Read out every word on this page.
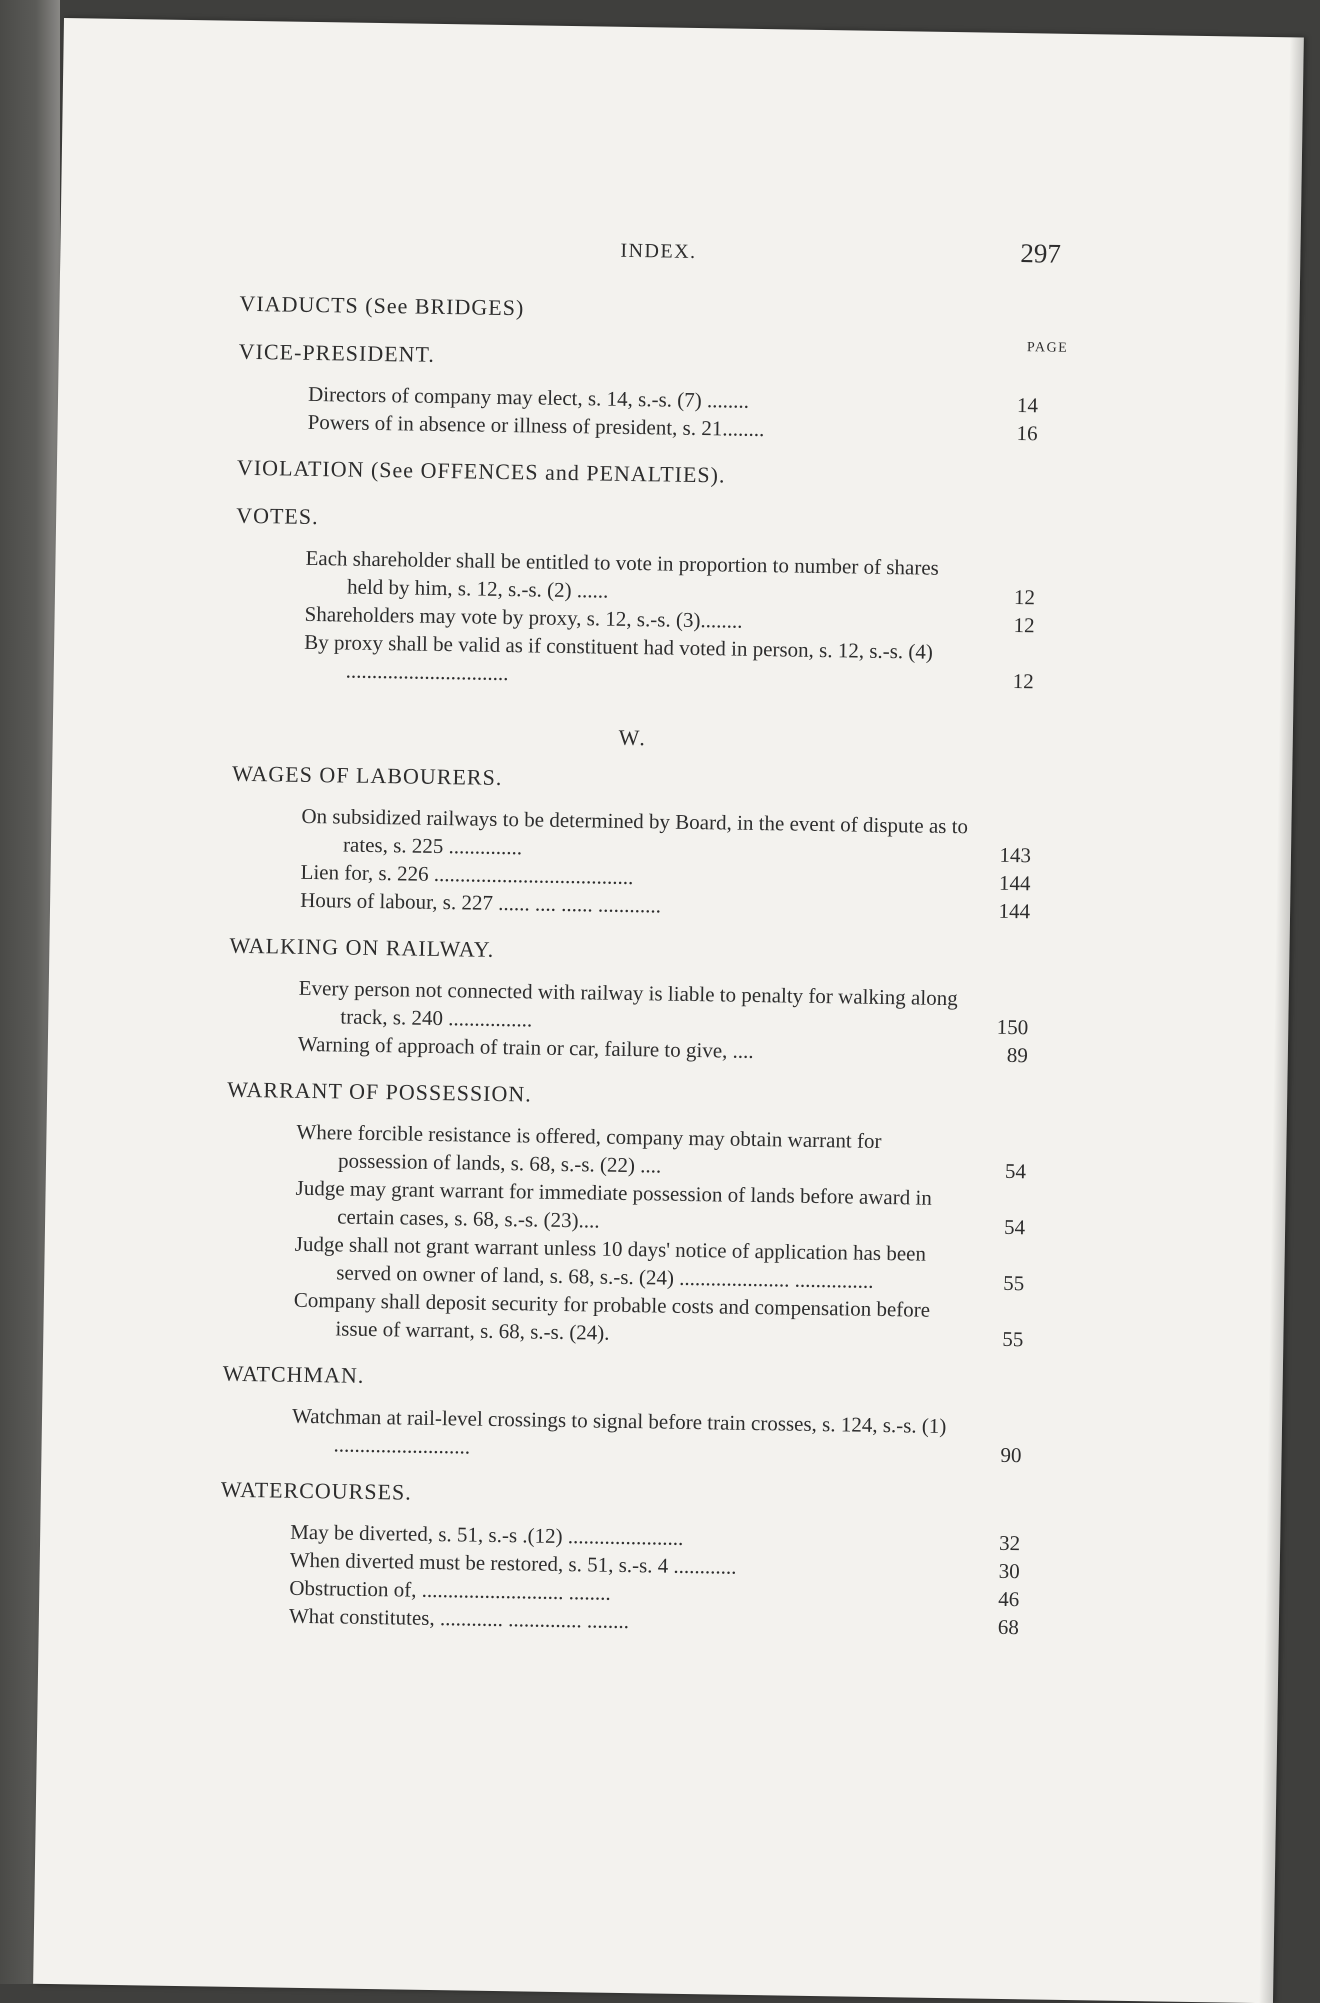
INDEX.	297
PAGE

VIADUCTS (See BRIDGES)

VICE-PRESIDENT.

Directors of company may elect, s. 14, s.-s. (7) ........	14
Powers of in absence or illness of president, s. 21........	16

VIOLATION (See OFFENCES and PENALTIES).

VOTES.

Each shareholder shall be entitled to vote in proportion to number of shares held by him, s. 12, s.-s. (2) ......	12
Shareholders may vote by proxy, s. 12, s.-s. (3)........	12
By proxy shall be valid as if constituent had voted in person, s. 12, s.-s. (4) ...............................	12
W.

WAGES OF LABOURERS.

On subsidized railways to be determined by Board, in the event of dispute as to rates, s. 225 ..............	143
Lien for, s. 226 ......................................	144
Hours of labour, s. 227 ...... .... ...... ............	144

WALKING ON RAILWAY.

Every person not connected with railway is liable to penalty for walking along track, s. 240 ................	150
Warning of approach of train or car, failure to give, ....	89

WARRANT OF POSSESSION.

Where forcible resistance is offered, company may obtain warrant for possession of lands, s. 68, s.-s. (22) ....	54
Judge may grant warrant for immediate possession of lands before award in certain cases, s. 68, s.-s. (23)....	54
Judge shall not grant warrant unless 10 days' notice of application has been served on owner of land, s. 68, s.-s. (24) ..................... ...............	55
Company shall deposit security for probable costs and compensation before issue of warrant, s. 68, s.-s. (24).	55

WATCHMAN.

Watchman at rail-level crossings to signal before train crosses, s. 124, s.-s. (1) ..........................	90

WATERCOURSES.

May be diverted, s. 51, s.-s .(12) ......................	32
When diverted must be restored, s. 51, s.-s. 4 ............	30
Obstruction of, ........................... ........	46
What constitutes, ............ .............. ........	68
